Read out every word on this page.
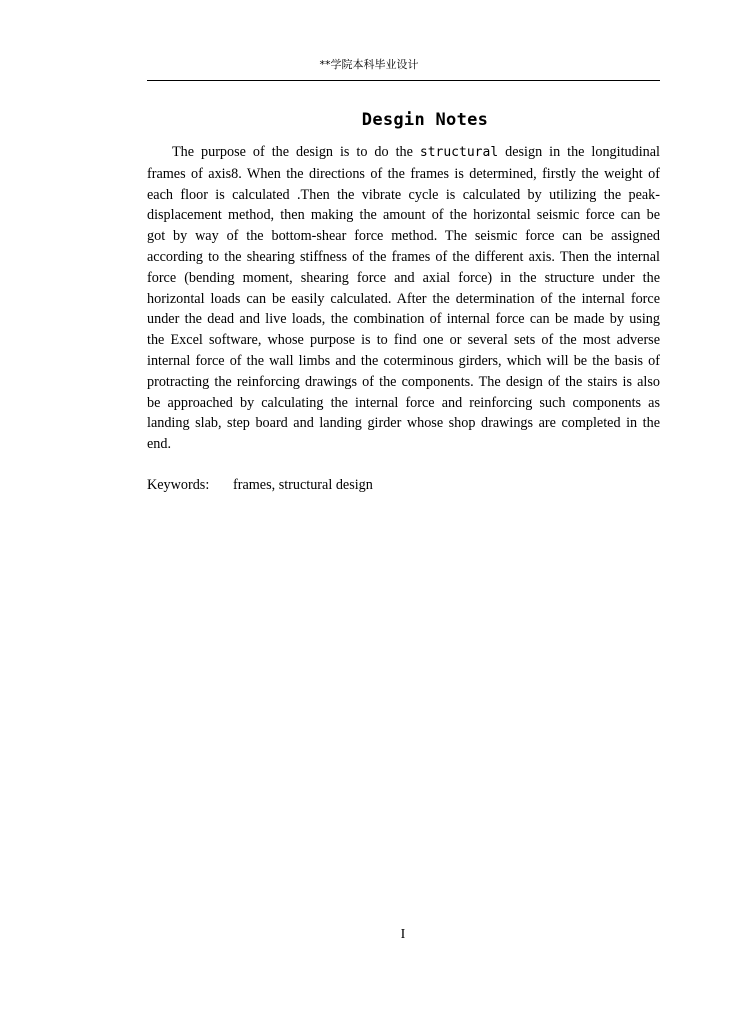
**学院本科毕业设计
Desgin Notes

The purpose of the design is to do the structural design in the longitudinal frames of axis8. When the directions of the frames is determined, firstly the weight of each floor is calculated .Then the vibrate cycle is calculated by utilizing the peak-displacement method, then making the amount of the horizontal seismic force can be got by way of the bottom-shear force method. The seismic force can be assigned according to the shearing stiffness of the frames of the different axis. Then the internal force (bending moment, shearing force and axial force) in the structure under the horizontal loads can be easily calculated. After the determination of the internal force under the dead and live loads, the combination of internal force can be made by using the Excel software, whose purpose is to find one or several sets of the most adverse internal force of the wall limbs and the coterminous girders, which will be the basis of protracting the reinforcing drawings of the components. The design of the stairs is also be approached by calculating the internal force and reinforcing such components as landing slab, step board and landing girder whose shop drawings are completed in the end.

Keywords: frames, structural design
I
